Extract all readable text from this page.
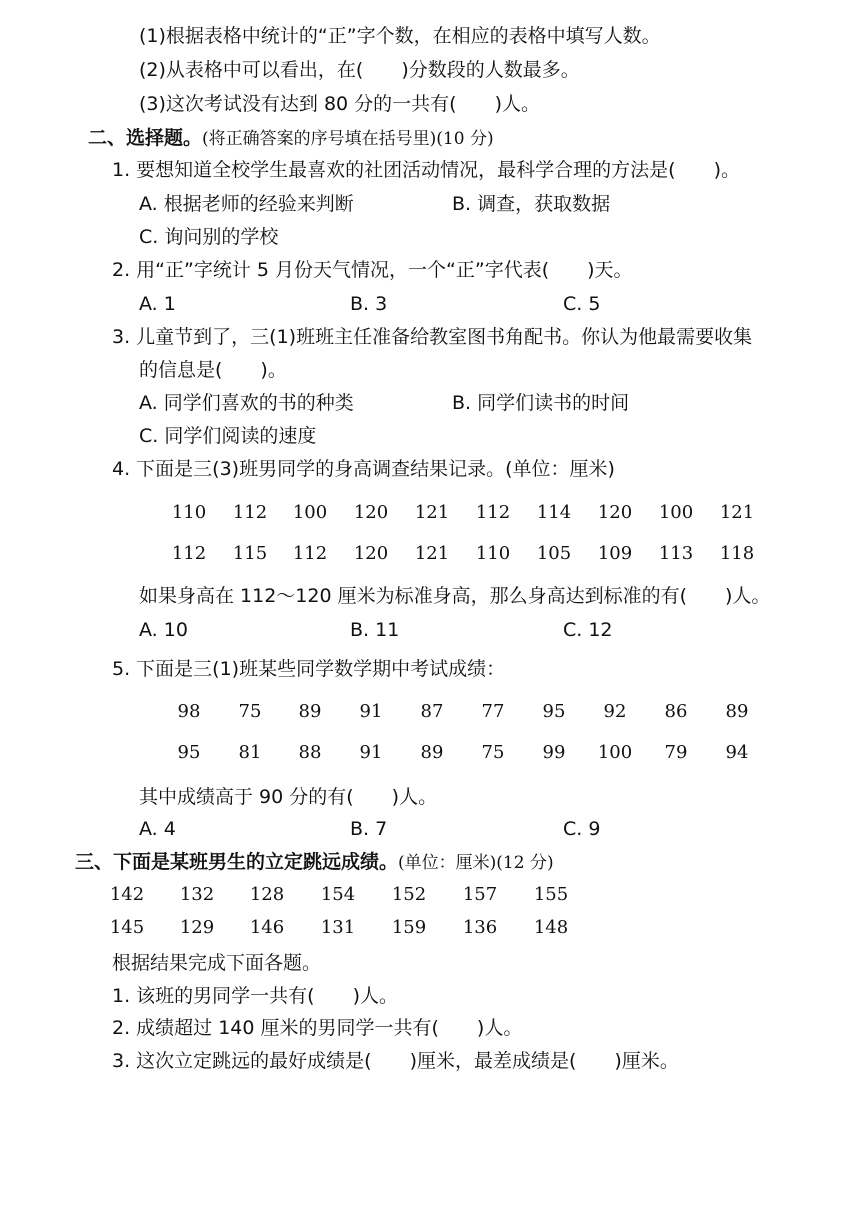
(1)根据表格中统计的“正”字个数，在相应的表格中填写人数。
(2)从表格中可以看出，在(　　)分数段的人数最多。
(3)这次考试没有达到 80 分的一共有(　　)人。
二、选择题。(将正确答案的序号填在括号里)(10 分)
1. 要想知道全校学生最喜欢的社团活动情况，最科学合理的方法是(　　)。
A. 根据老师的经验来判断	B. 调查，获取数据
C. 询问别的学校
2. 用“正”字统计 5 月份天气情况，一个“正”字代表(　　)天。
A. 1	B. 3	C. 5
3. 儿童节到了，三(1)班班主任准备给教室图书角配书。你认为他最需要收集
的信息是(　　)。
A. 同学们喜欢的书的种类	B. 同学们读书的时间
C. 同学们阅读的速度
4. 下面是三(3)班男同学的身高调查结果记录。(单位：厘米)
110 112 100 120 121 112 114 120 100 121
112 115 112 120 121 110 105 109 113 118
如果身高在 112～120 厘米为标准身高，那么身高达到标准的有(　　)人。
A. 10	B. 11	C. 12
5. 下面是三(1)班某些同学数学期中考试成绩：
98	75	89	91	87	77	95	92	86	89
95	81	88	91	89	75	99	100	79	94
其中成绩高于 90 分的有(　　)人。
A. 4	B. 7	C. 9
三、下面是某班男生的立定跳远成绩。(单位：厘米)(12 分)
142 132 128 154 152 157 155
145 129 146 131 159 136 148
根据结果完成下面各题。
1. 该班的男同学一共有(　　)人。
2. 成绩超过 140 厘米的男同学一共有(　　)人。
3. 这次立定跳远的最好成绩是(　　)厘米，最差成绩是(　　)厘米。
